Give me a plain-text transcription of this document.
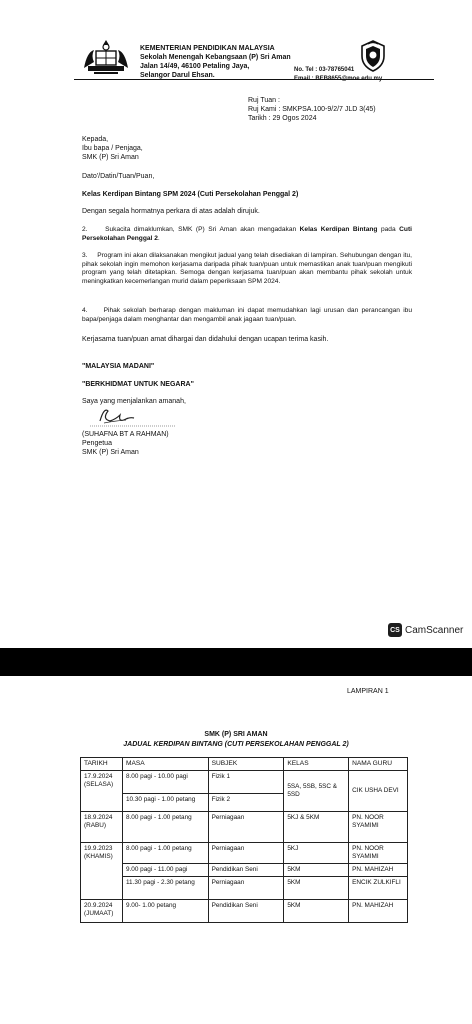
KEMENTERIAN PENDIDIKAN MALAYSIA
Sekolah Menengah Kebangsaan (P) Sri Aman
Jalan 14/49, 46100 Petaling Jaya,
Selangor Darul Ehsan.
No. Tel : 03-78765041
Email : BEB8655@moe.edu.my
Ruj Tuan :
Ruj Kami : SMKPSA.100-9/2/7 JLD 3(45)
Tarikh : 29 Ogos 2024
Kepada,
Ibu bapa / Penjaga,
SMK (P) Sri Aman
Dato'/Datin/Tuan/Puan,
Kelas Kerdipan Bintang SPM 2024 (Cuti Persekolahan Penggal 2)
Dengan segala hormatnya perkara di atas adalah dirujuk.
2.	Sukacita dimaklumkan, SMK (P) Sri Aman akan mengadakan Kelas Kerdipan Bintang pada Cuti Persekolahan Penggal 2.
3. Program ini akan dilaksanakan mengikut jadual yang telah disediakan di lampiran. Sehubungan dengan itu, pihak sekolah ingin memohon kerjasama daripada pihak tuan/puan untuk memastikan anak tuan/puan mengikuti program yang telah ditetapkan. Semoga dengan kerjasama tuan/puan akan membantu pihak sekolah untuk meningkatkan kecemerlangan murid dalam peperiksaan SPM 2024.
4. Pihak sekolah berharap dengan makluman ini dapat memudahkan lagi urusan dan perancangan ibu bapa/penjaga dalam menghantar dan mengambil anak jagaan tuan/puan.
Kerjasama tuan/puan amat dihargai dan didahului dengan ucapan terima kasih.
"MALAYSIA MADANI"
"BERKHIDMAT UNTUK NEGARA"
Saya yang menjalankan amanah,
(SUHAFNA BT A RAHMAN)
Pengetua
SMK (P) Sri Aman
CS CamScanner
LAMPIRAN 1
SMK (P) SRI AMAN
JADUAL KERDIPAN BINTANG (CUTI PERSEKOLAHAN PENGGAL 2)
TARIKH	MASA	SUBJEK	KELAS	NAMA GURU
17.9.2024
(SELASA)	8.00 pagi - 10.00 pagi	Fizik 1	5SA, 5SB, 5SC & 5SD	CIK USHA DEVI
	10.30 pagi - 1.00 petang	Fizik 2		
18.9.2024
(RABU)	8.00 pagi - 1.00 petang	Perniagaan	5KJ & 5KM	PN. NOOR SYAMIMI
19.9.2023
(KHAMIS)	8.00 pagi - 1.00 petang	Perniagaan	5KJ	PN. NOOR SYAMIMI
	9.00 pagi - 11.00 pagi	Pendidikan Seni	5KM	PN. MAHIZAH
	11.30 pagi - 2.30 petang	Perniagaan	5KM	ENCIK ZULKIFLI
20.9.2024
(JUMAAT)	9.00- 1.00 petang	Pendidikan Seni	5KM	PN. MAHIZAH
